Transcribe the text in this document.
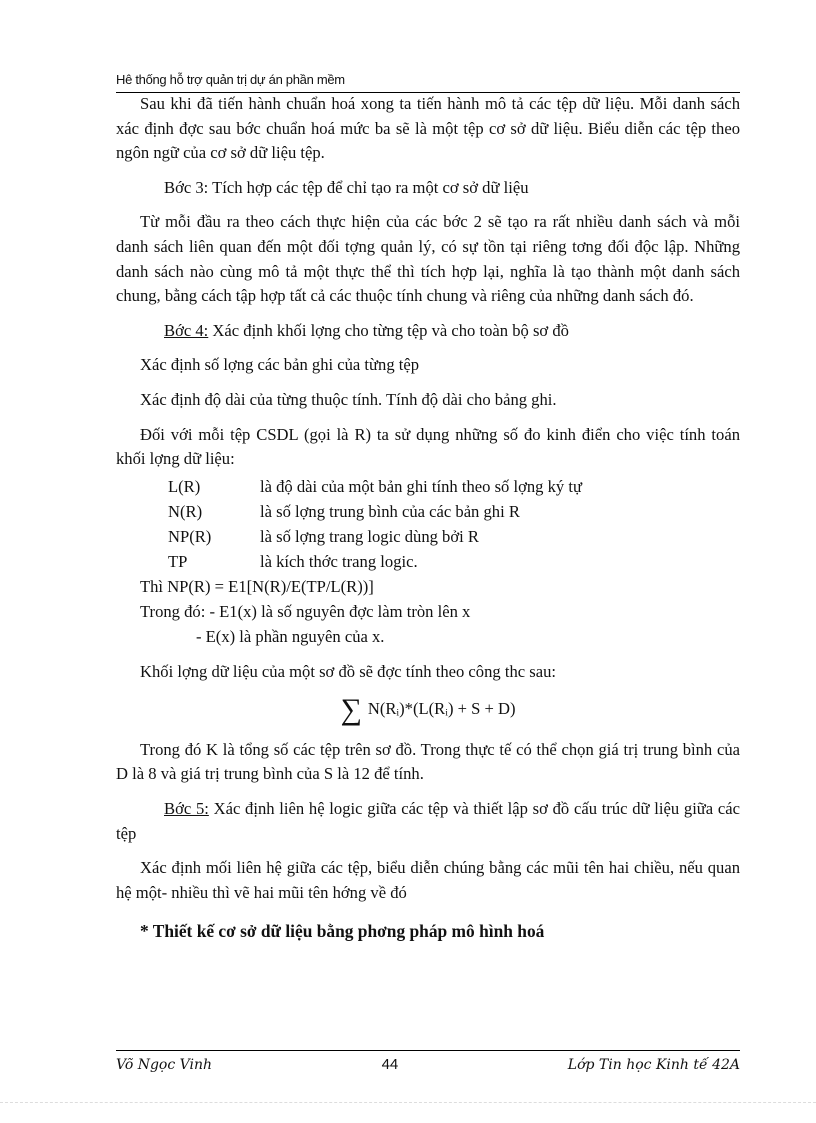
Hê thống hỗ trợ quản trị dự án phần mềm

Sau khi đã tiến hành chuẩn hoá xong ta tiến hành mô tả các tệp dữ liệu. Mỗi danh sách xác định đợc sau bớc chuẩn hoá mức ba sẽ là một tệp cơ sở dữ liệu. Biểu diễn các tệp theo ngôn ngữ của cơ sở dữ liệu tệp.

Bớc 3: Tích hợp các tệp để chỉ tạo ra một cơ sở dữ liệu

Từ mỗi đầu ra theo cách thực hiện của các bớc 2 sẽ tạo ra rất nhiều danh sách và mỗi danh sách liên quan đến một đối tợng quản lý, có sự tồn tại riêng tơng đối độc lập. Những danh sách nào cùng mô tả một thực thể thì tích hợp lại, nghĩa là tạo thành một danh sách chung, bằng cách tập hợp tất cả các thuộc tính chung và riêng của những danh sách đó.

Bớc 4: Xác định khối lợng cho từng tệp và cho toàn bộ sơ đồ

Xác định số lợng các bản ghi của từng tệp

Xác định độ dài của từng thuộc tính. Tính độ dài cho bảng ghi.

Đối với mỗi tệp CSDL (gọi là R) ta sử dụng những số đo kinh điển cho việc tính toán khối lợng dữ liệu:

L(R)	là độ dài của một bản ghi tính theo số lợng ký tự
N(R)	là số lợng trung bình của các bản ghi R
NP(R)	là số lợng trang logic dùng bởi R
TP	là kích thớc trang logic.
Thì NP(R) = E1[N(R)/E(TP/L(R))]
Trong đó: - E1(x) là số nguyên đợc làm tròn lên x
- E(x) là phần nguyên của x.
Khối lợng dữ liệu của một sơ đồ sẽ đợc tính theo công thc sau:
∑ N(Rᵢ)*(L(Rᵢ) + S + D)

Trong đó K là tổng số các tệp trên sơ đồ. Trong thực tế có thể chọn giá trị trung bình của D là 8 và giá trị trung bình của S là 12 để tính.

Bớc 5: Xác định liên hệ logic giữa các tệp và thiết lập sơ đồ cấu trúc dữ liệu giữa các tệp

Xác định mối liên hệ giữa các tệp, biểu diễn chúng bằng các mũi tên hai chiều, nếu quan hệ một- nhiều thì vẽ hai mũi tên hớng về đó

* Thiết kế cơ sở dữ liệu bằng phơng pháp mô hình hoá
Võ Ngọc Vinh	44	Lớp Tin học Kinh tế 42A
